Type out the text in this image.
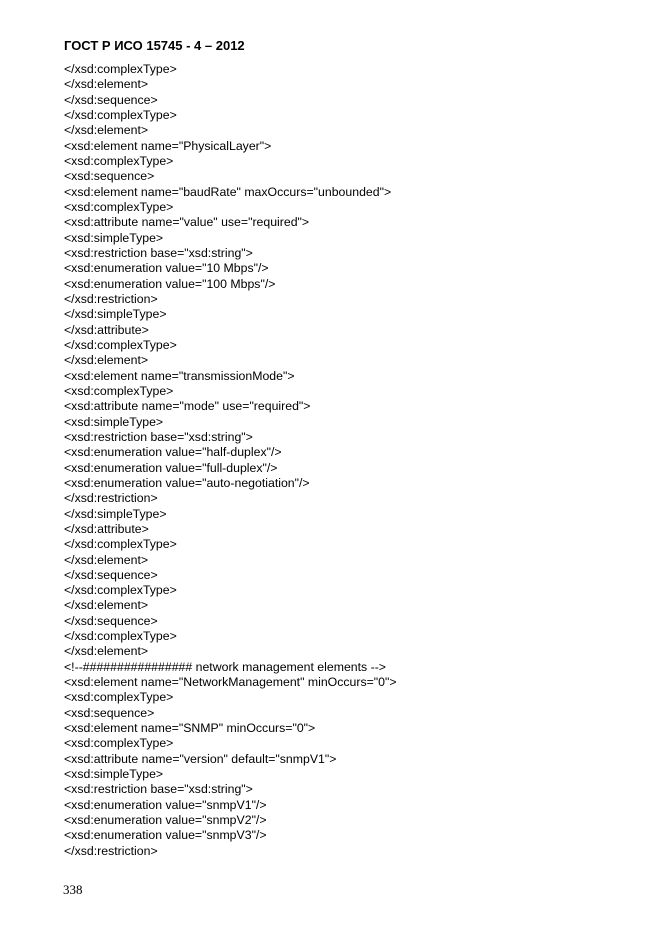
ГОСТ Р ИСО 15745 - 4 – 2012
</xsd:complexType>
</xsd:element>
</xsd:sequence>
</xsd:complexType>
</xsd:element>
<xsd:element name="PhysicalLayer">
<xsd:complexType>
<xsd:sequence>
<xsd:element name="baudRate" maxOccurs="unbounded">
<xsd:complexType>
<xsd:attribute name="value" use="required">
<xsd:simpleType>
<xsd:restriction base="xsd:string">
<xsd:enumeration value="10 Mbps"/>
<xsd:enumeration value="100 Mbps"/>
</xsd:restriction>
</xsd:simpleType>
</xsd:attribute>
</xsd:complexType>
</xsd:element>
<xsd:element name="transmissionMode">
<xsd:complexType>
<xsd:attribute name="mode" use="required">
<xsd:simpleType>
<xsd:restriction base="xsd:string">
<xsd:enumeration value="half-duplex"/>
<xsd:enumeration value="full-duplex"/>
<xsd:enumeration value="auto-negotiation"/>
</xsd:restriction>
</xsd:simpleType>
</xsd:attribute>
</xsd:complexType>
</xsd:element>
</xsd:sequence>
</xsd:complexType>
</xsd:element>
</xsd:sequence>
</xsd:complexType>
</xsd:element>
<!--################ network management elements -->
<xsd:element name="NetworkManagement" minOccurs="0">
<xsd:complexType>
<xsd:sequence>
<xsd:element name="SNMP" minOccurs="0">
<xsd:complexType>
<xsd:attribute name="version" default="snmpV1">
<xsd:simpleType>
<xsd:restriction base="xsd:string">
<xsd:enumeration value="snmpV1"/>
<xsd:enumeration value="snmpV2"/>
<xsd:enumeration value="snmpV3"/>
</xsd:restriction>
338
